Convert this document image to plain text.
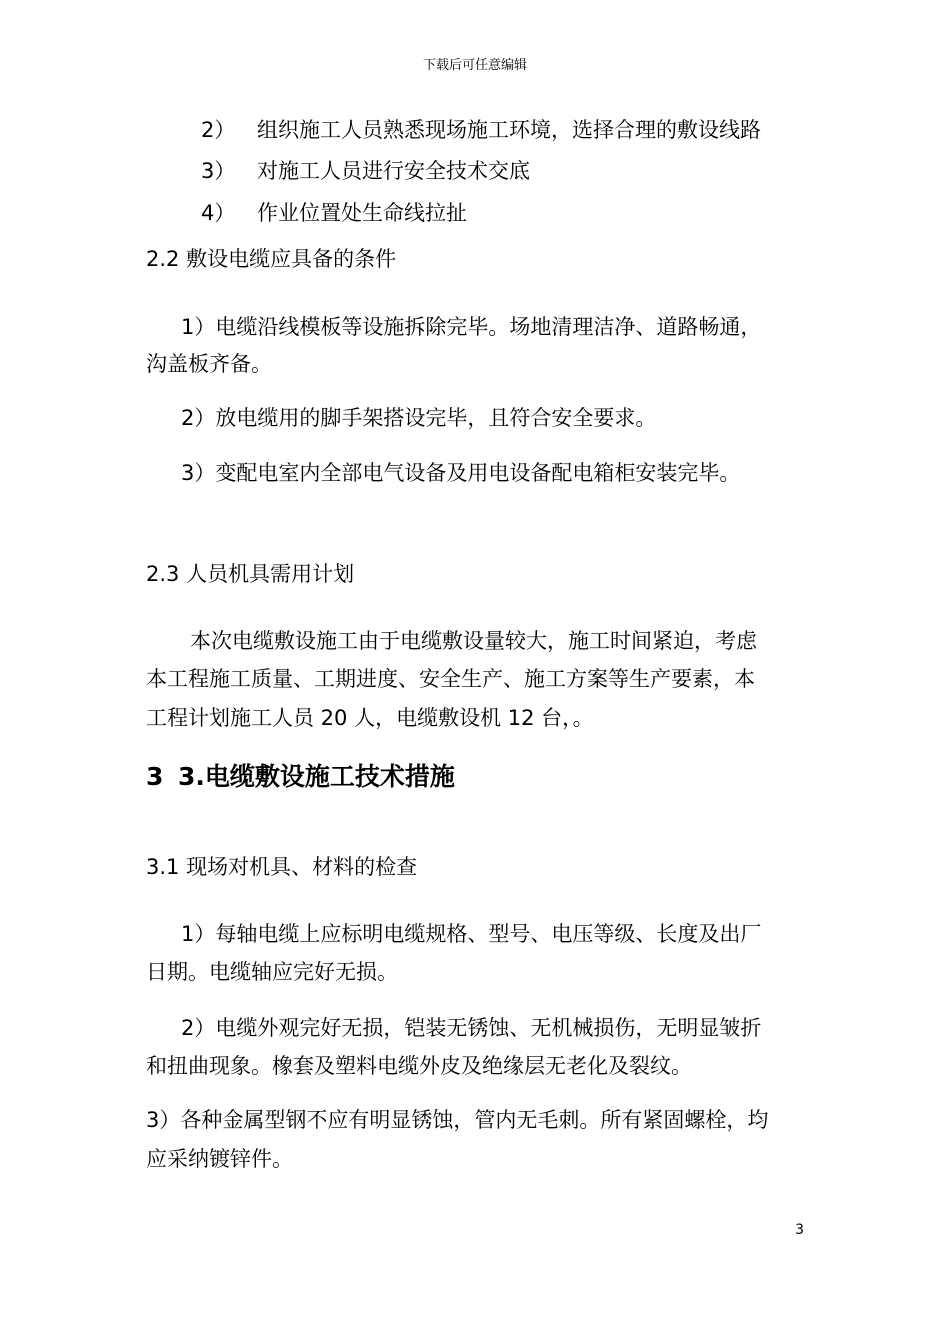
下载后可任意编辑
2） 组织施工人员熟悉现场施工环境，选择合理的敷设线路
3） 对施工人员进行安全技术交底
4） 作业位置处生命线拉扯
2.2 敷设电缆应具备的条件
1）电缆沿线模板等设施拆除完毕。场地清理洁净、道路畅通，
沟盖板齐备。
2）放电缆用的脚手架搭设完毕，且符合安全要求。
3）变配电室内全部电气设备及用电设备配电箱柜安装完毕。
2.3 人员机具需用计划
本次电缆敷设施工由于电缆敷设量较大，施工时间紧迫，考虑
本工程施工质量、工期进度、安全生产、施工方案等生产要素，本
工程计划施工人员 20 人，电缆敷设机 12 台，。
3 3.电缆敷设施工技术措施
3.1 现场对机具、材料的检查
1）每轴电缆上应标明电缆规格、型号、电压等级、长度及出厂
日期。电缆轴应完好无损。
2）电缆外观完好无损，铠装无锈蚀、无机械损伤，无明显皱折
和扭曲现象。橡套及塑料电缆外皮及绝缘层无老化及裂纹。
3）各种金属型钢不应有明显锈蚀，管内无毛刺。所有紧固螺栓，均
应采纳镀锌件。
3
